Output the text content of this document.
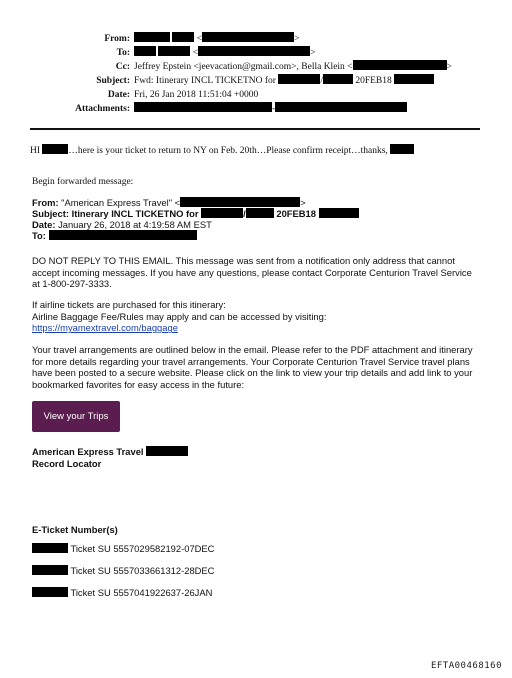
From:	<	>
To:	<	>
Cc: Jeffrey Epstein <jeevacation@gmail.com>, Bella Klein <	>
Subject: Fwd: Itinerary INCL TICKETNO for	/	20FEB18
Date: Fri, 26 Jan 2018 11:51:04 +0000
Attachments:	-
HI	…here is your ticket to return to NY on Feb. 20th…Please confirm receipt…thanks,
Begin forwarded message:
From: "American Express Travel" <	>
Subject: Itinerary INCL TICKETNO for	/	20FEB18
Date: January 26, 2018 at 4:19:58 AM EST
To:
DO NOT REPLY TO THIS EMAIL. This message was sent from a notification only address that cannot accept incoming messages. If you have any questions, please contact Corporate Centurion Travel Service at 1-800-297-3333.
If airline tickets are purchased for this itinerary:
Airline Baggage Fee/Rules may apply and can be accessed by visiting:
https://myamextravel.com/baggage
Your travel arrangements are outlined below in the email. Please refer to the PDF attachment and itinerary for more details regarding your travel arrangements. Your Corporate Centurion Travel Service travel plans have been posted to a secure website. Please click on the link to view your trip details and add link to your bookmarked favorites for easy access in the future:
View your Trips
American Express Travel
Record Locator
E-Ticket Number(s)
Ticket SU 5557029582192-07DEC
Ticket SU 5557033661312-28DEC
Ticket SU 5557041922637-26JAN
EFTA00468160
